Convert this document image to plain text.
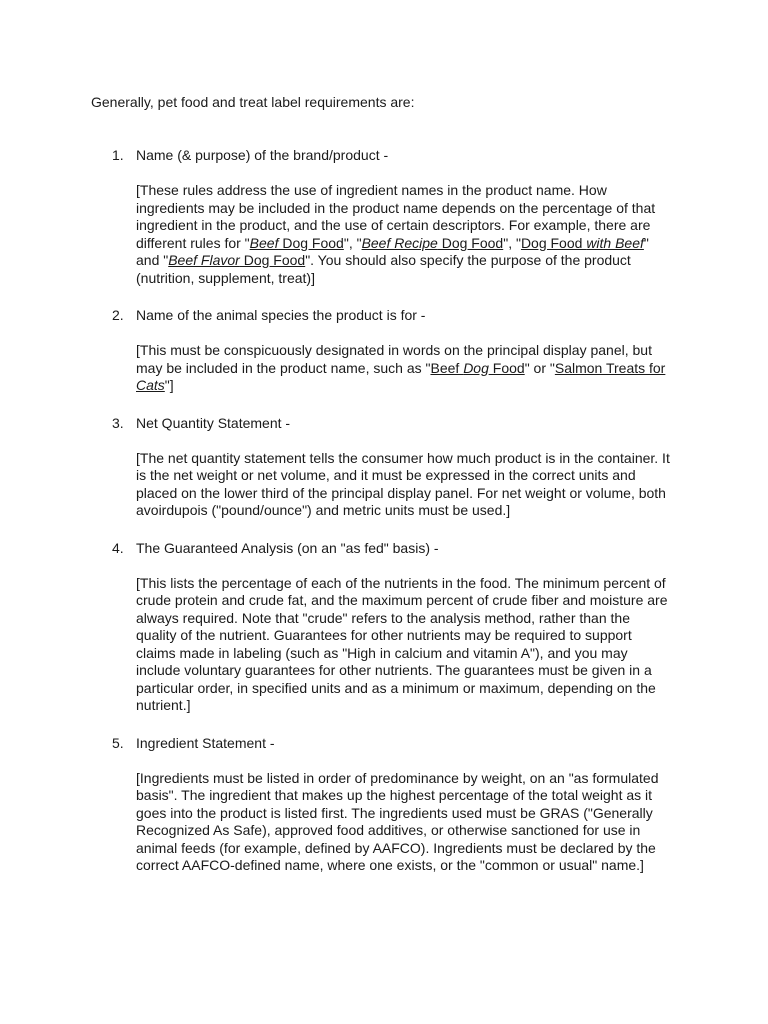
Generally, pet food and treat label requirements are:

1. Name (& purpose) of the brand/product -

[These rules address the use of ingredient names in the product name. How ingredients may be included in the product name depends on the percentage of that ingredient in the product, and the use of certain descriptors. For example, there are different rules for "Beef Dog Food", "Beef Recipe Dog Food", "Dog Food with Beef" and "Beef Flavor Dog Food". You should also specify the purpose of the product (nutrition, supplement, treat)]

2. Name of the animal species the product is for -

[This must be conspicuously designated in words on the principal display panel, but may be included in the product name, such as "Beef Dog Food" or "Salmon Treats for Cats"]

3. Net Quantity Statement -

[The net quantity statement tells the consumer how much product is in the container. It is the net weight or net volume, and it must be expressed in the correct units and placed on the lower third of the principal display panel. For net weight or volume, both avoirdupois ("pound/ounce") and metric units must be used.]

4. The Guaranteed Analysis (on an "as fed" basis) -

[This lists the percentage of each of the nutrients in the food. The minimum percent of crude protein and crude fat, and the maximum percent of crude fiber and moisture are always required. Note that "crude" refers to the analysis method, rather than the quality of the nutrient. Guarantees for other nutrients may be required to support claims made in labeling (such as "High in calcium and vitamin A"), and you may include voluntary guarantees for other nutrients. The guarantees must be given in a particular order, in specified units and as a minimum or maximum, depending on the nutrient.]

5. Ingredient Statement -

[Ingredients must be listed in order of predominance by weight, on an "as formulated basis". The ingredient that makes up the highest percentage of the total weight as it goes into the product is listed first. The ingredients used must be GRAS ("Generally Recognized As Safe), approved food additives, or otherwise sanctioned for use in animal feeds (for example, defined by AAFCO). Ingredients must be declared by the correct AAFCO-defined name, where one exists, or the "common or usual" name.]
